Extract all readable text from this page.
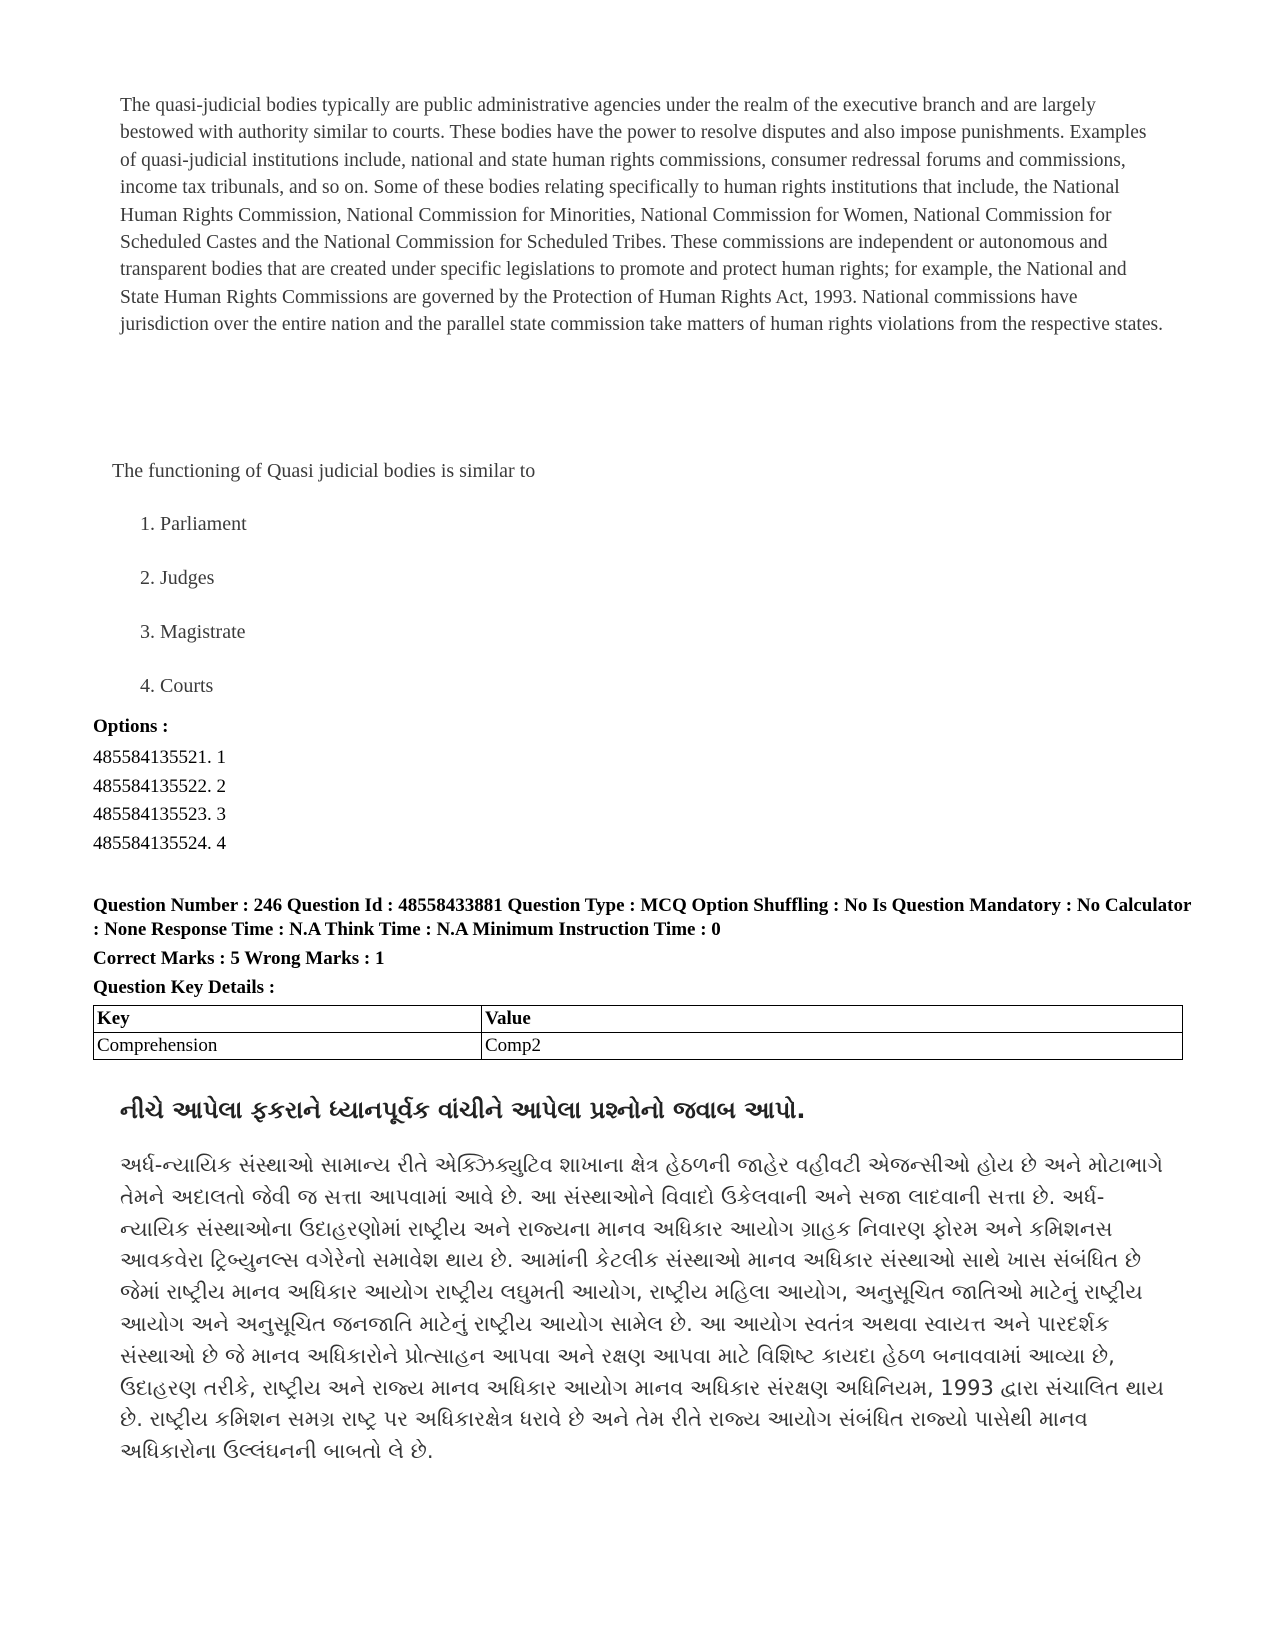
The quasi-judicial bodies typically are public administrative agencies under the realm of the executive branch and are largely bestowed with authority similar to courts. These bodies have the power to resolve disputes and also impose punishments. Examples of quasi-judicial institutions include, national and state human rights commissions, consumer redressal forums and commissions, income tax tribunals, and so on. Some of these bodies relating specifically to human rights institutions that include, the National Human Rights Commission, National Commission for Minorities, National Commission for Women, National Commission for Scheduled Castes and the National Commission for Scheduled Tribes. These commissions are independent or autonomous and transparent bodies that are created under specific legislations to promote and protect human rights; for example, the National and State Human Rights Commissions are governed by the Protection of Human Rights Act, 1993. National commissions have jurisdiction over the entire nation and the parallel state commission take matters of human rights violations from the respective states.

The functioning of Quasi judicial bodies is similar to

1. Parliament
2. Judges
3. Magistrate
4. Courts

Options :

485584135521. 1
485584135522. 2
485584135523. 3
485584135524. 4

Question Number : 246 Question Id : 48558433881 Question Type : MCQ Option Shuffling : No Is Question Mandatory : No Calculator : None Response Time : N.A Think Time : N.A Minimum Instruction Time : 0

Correct Marks : 5 Wrong Marks : 1

Question Key Details :

Key	Value
Comprehension	Comp2

નીચે આપેલા ફકરાને ધ્યાનપૂર્વક વાંચીને આપેલા પ્રશ્નોનો જવાબ આપો.

અર્ધ-ન્યાયિક સંસ્થાઓ સામાન્ય રીતે એક્ઝિક્યુટિવ શાખાના ક્ષેત્ર હેઠળની જાહેર વહીવટી એજન્સીઓ હોય છે અને મોટાભાગે તેમને અદાલતો જેવી જ સત્તા આપવામાં આવે છે. આ સંસ્થાઓને વિવાદો ઉકેલવાની અને સજા લાદવાની સત્તા છે. અર્ધ-ન્યાયિક સંસ્થાઓના ઉદાહરણોમાં રાષ્ટ્રીય અને રાજ્યના માનવ અધિકાર આયોગ ગ્રાહક નિવારણ ફોરમ અને કમિશનસ આવકવેરા ટ્રિબ્યુનલ્સ વગેરેનો સમાવેશ થાય છે. આમાંની કેટલીક સંસ્થાઓ માનવ અધિકાર સંસ્થાઓ સાથે ખાસ સંબંધિત છે જેમાં રાષ્ટ્રીય માનવ અધિકાર આયોગ રાષ્ટ્રીય લઘુમતી આયોગ, રાષ્ટ્રીય મહિલા આયોગ, અનુસૂચિત જાતિઓ માટેનું રાષ્ટ્રીય આયોગ અને અનુસૂચિત જનજાતિ માટેનું રાષ્ટ્રીય આયોગ સામેલ છે. આ આયોગ સ્વતંત્ર અથવા સ્વાયત્ત અને પારદર્શક સંસ્થાઓ છે જે માનવ અધિકારોને પ્રોત્સાહન આપવા અને રક્ષણ આપવા માટે વિશિષ્ટ કાયદા હેઠળ બનાવવામાં આવ્યા છે, ઉદાહરણ તરીકે, રાષ્ટ્રીય અને રાજ્ય માનવ અધિકાર આયોગ માનવ અધિકાર સંરક્ષણ અધિનિયમ, 1993 દ્વારા સંચાલિત થાય છે. રાષ્ટ્રીય કમિશન સમગ્ર રાષ્ટ્ર પર અધિકારક્ષેત્ર ધરાવે છે અને તેમ રીતે રાજ્ય આયોગ સંબંધિત રાજ્યો પાસેથી માનવ અધિકારોના ઉલ્લંઘનની બાબતો લે છે.
